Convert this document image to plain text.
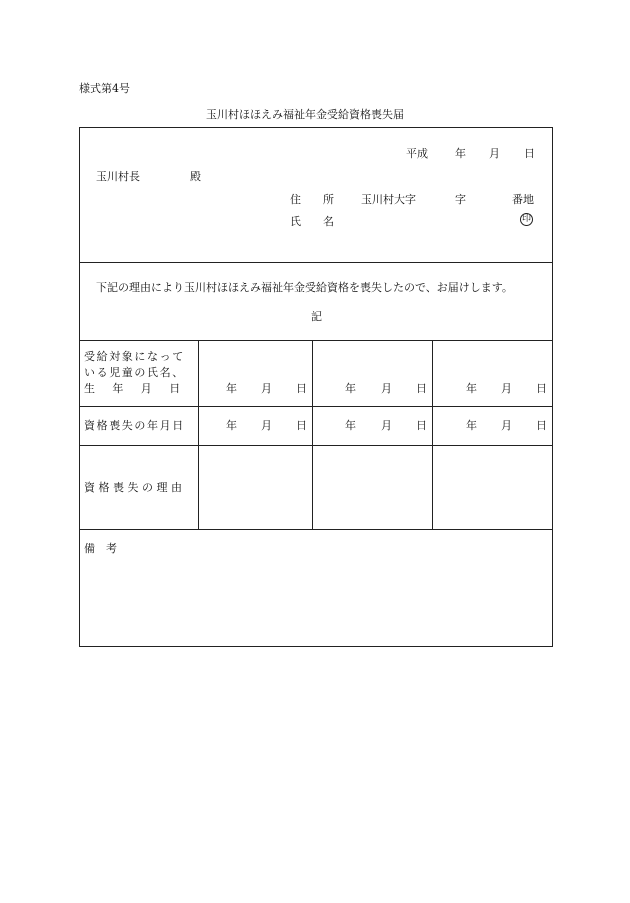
様式第4号
玉川村ほほえみ福祉年金受給資格喪失届
平成 年 月 日
玉川村長	殿
住　　所 玉川村大字	字	番地
氏　　名	印
下記の理由により玉川村ほほえみ福祉年金受給資格を喪失したので、お届けします。
記
受給対象になって
いる児童の氏名、
生　年　月　日	年 月 日	年 月 日	年 月 日
資格喪失の年月日	年 月 日	年 月 日	年 月 日
資 格 喪 失 の 理 由
備　考
